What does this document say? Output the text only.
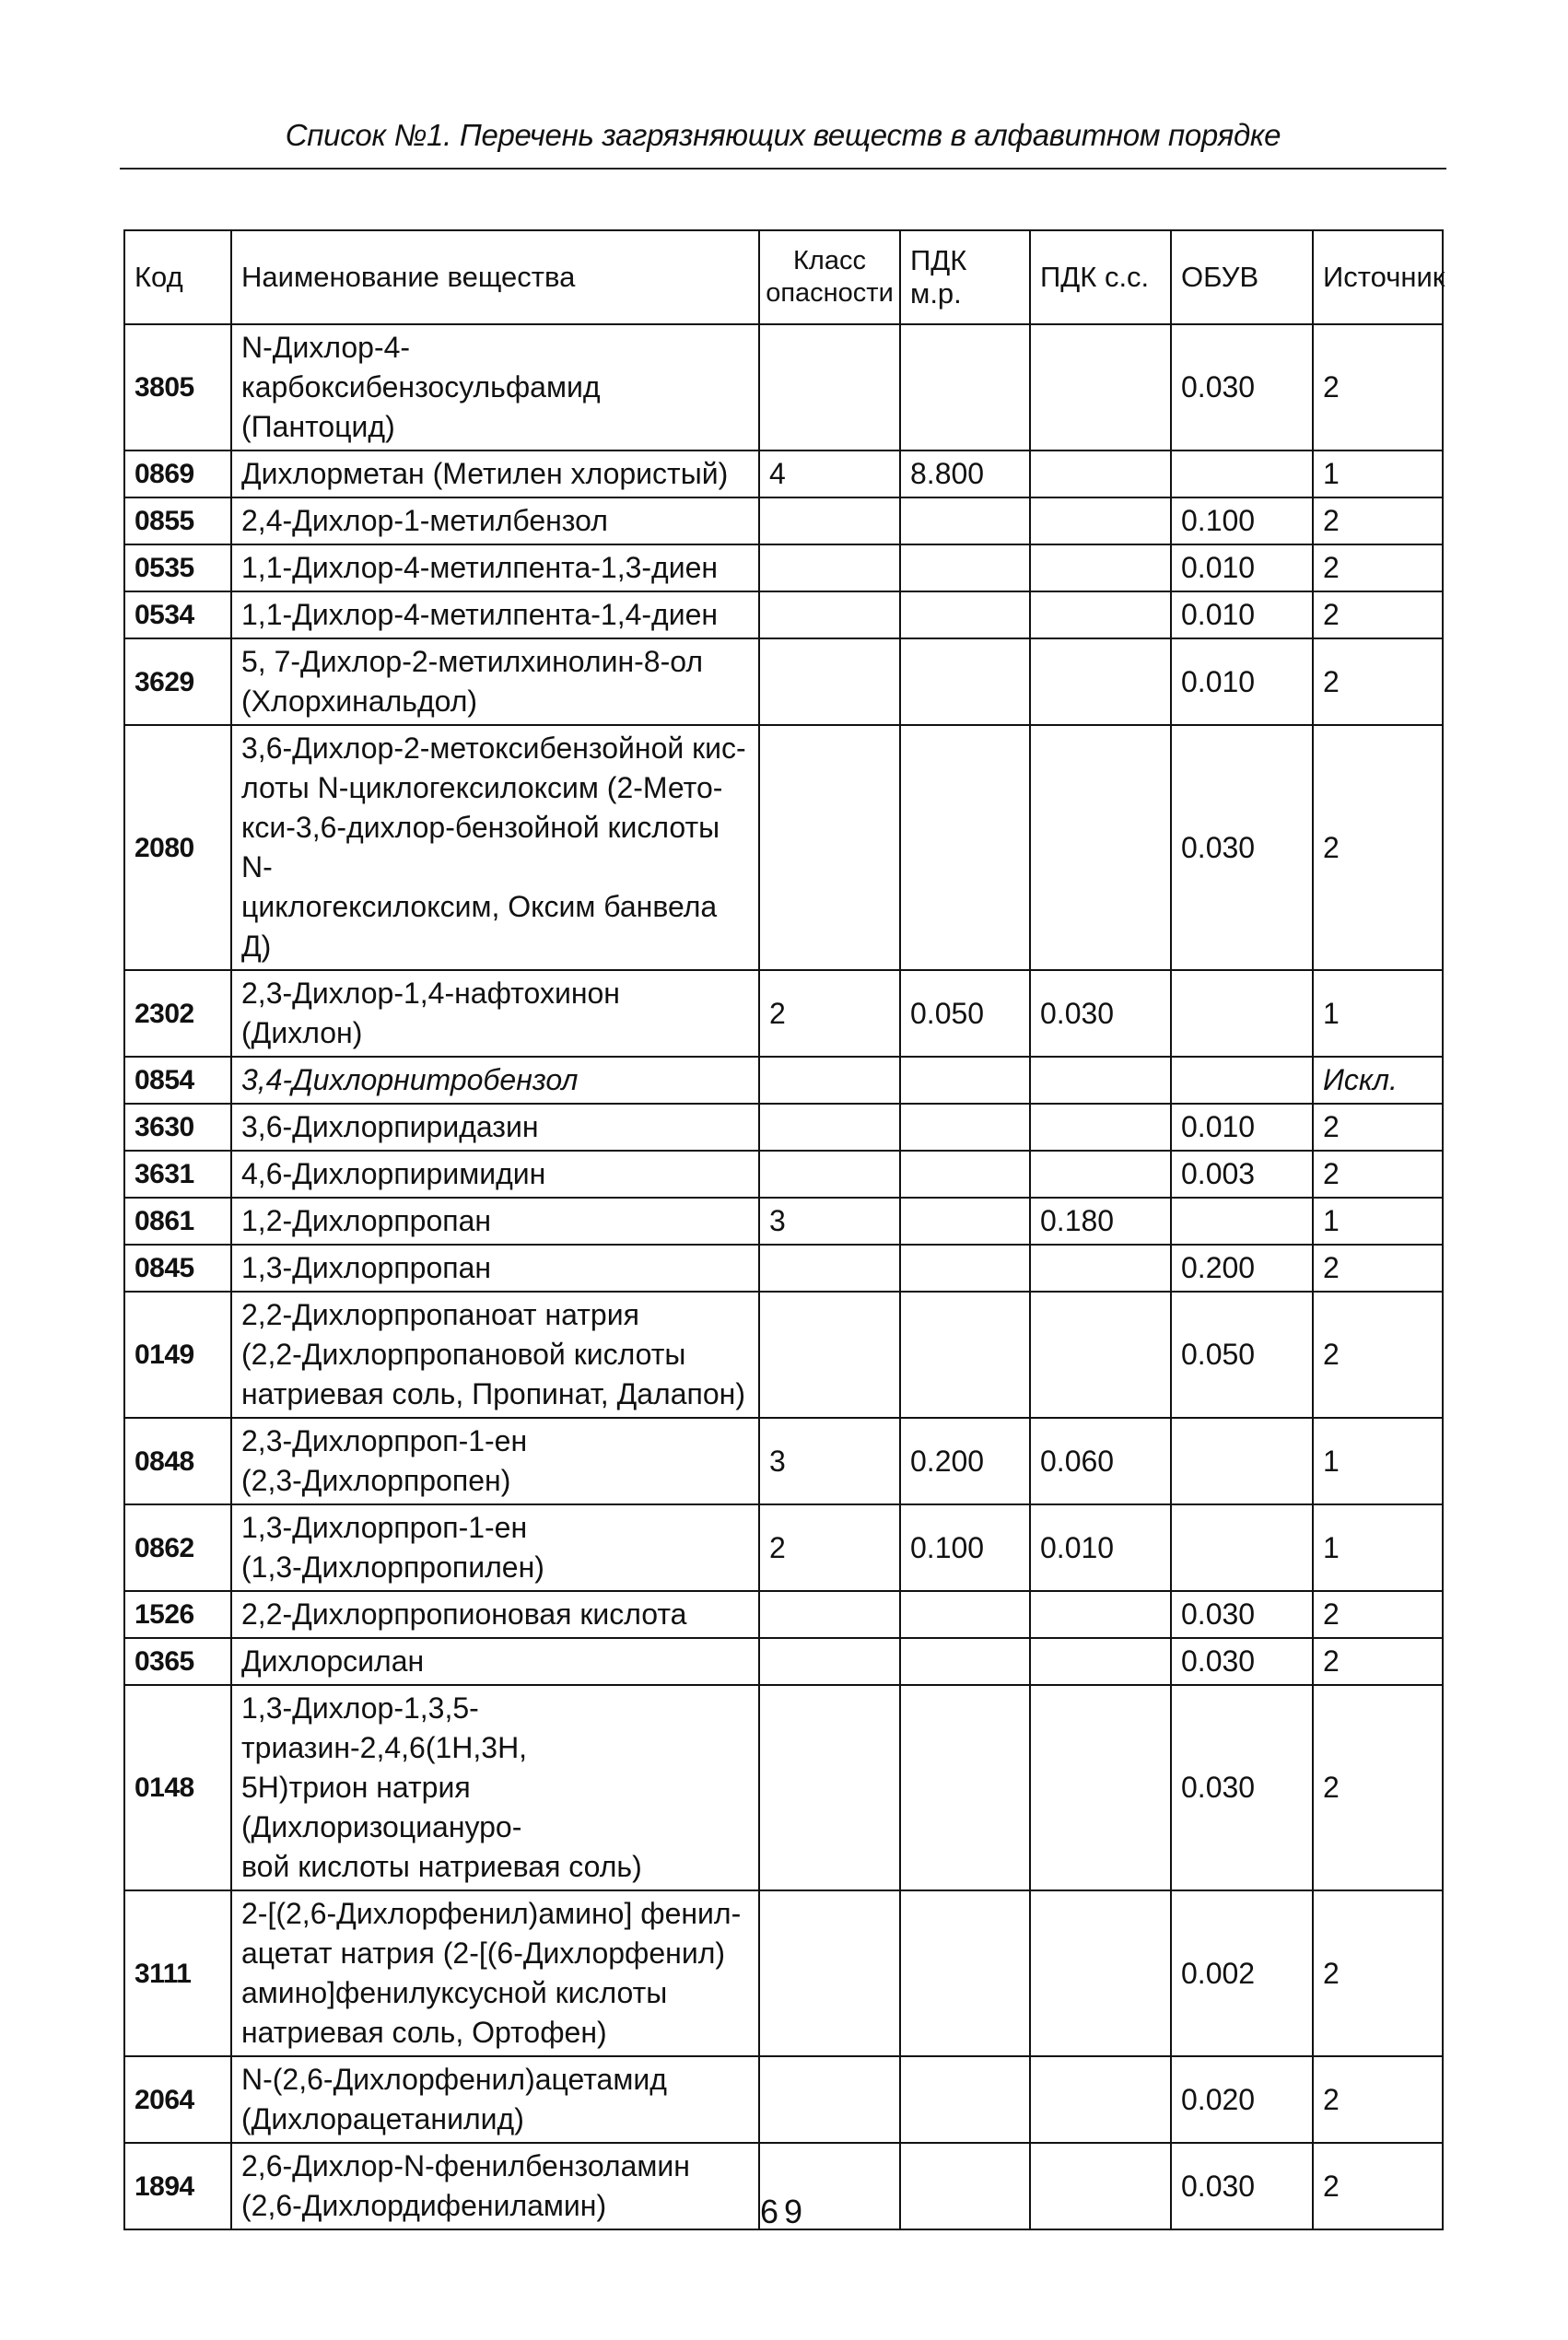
Список №1. Перечень загрязняющих веществ в алфавитном порядке
Код	Наименование вещества	Класс
опасности	ПДК м.р.	ПДК с.с.	ОБУВ	Источник
3805	N-Дихлор-4-карбоксибензосульфамид
(Пантоцид)				0.030	2
0869	Дихлорметан (Метилен хлористый)	4	8.800			1
0855	2,4-Дихлор-1-метилбензол				0.100	2
0535	1,1-Дихлор-4-метилпента-1,3-диен				0.010	2
0534	1,1-Дихлор-4-метилпента-1,4-диен				0.010	2
3629	5, 7-Дихлор-2-метилхинолин-8-ол
(Хлорхинальдол)				0.010	2
2080	3,6-Дихлор-2-метоксибензойной кис-
лоты N-циклогексилоксим (2-Мето-
кси-3,6-дихлор-бензойной кислоты N-
циклогексилоксим, Оксим банвела Д)				0.030	2
2302	2,3-Дихлор-1,4-нафтохинон (Дихлон)	2	0.050	0.030		1
0854	3,4-Дихлорнитробензол					Искл.
3630	3,6-Дихлорпиридазин				0.010	2
3631	4,6-Дихлорпиримидин				0.003	2
0861	1,2-Дихлорпропан	3		0.180		1
0845	1,3-Дихлорпропан				0.200	2
0149	2,2-Дихлорпропаноат натрия
(2,2-Дихлорпропановой кислоты
натриевая соль, Пропинат, Далапон)				0.050	2
0848	2,3-Дихлорпроп-1-ен
(2,3-Дихлорпропен)	3	0.200	0.060		1
0862	1,3-Дихлорпроп-1-ен
(1,3-Дихлорпропилен)	2	0.100	0.010		1
1526	2,2-Дихлорпропионовая кислота				0.030	2
0365	Дихлорсилан				0.030	2
0148	1,3-Дихлор-1,3,5-триазин-2,4,6(1Н,3Н,
5Н)трион натрия (Дихлоризоциануро-
вой кислоты натриевая соль)				0.030	2
3111	2-[(2,6-Дихлорфенил)амино] фенил-
ацетат натрия (2-[(6-Дихлорфенил)
амино]фенилуксусной кислоты
натриевая соль, Ортофен)				0.002	2
2064	N-(2,6-Дихлорфенил)ацетамид
(Дихлорацетанилид)				0.020	2
1894	2,6-Дихлор-N-фенилбензоламин
(2,6-Дихлордифениламин)				0.030	2
69
